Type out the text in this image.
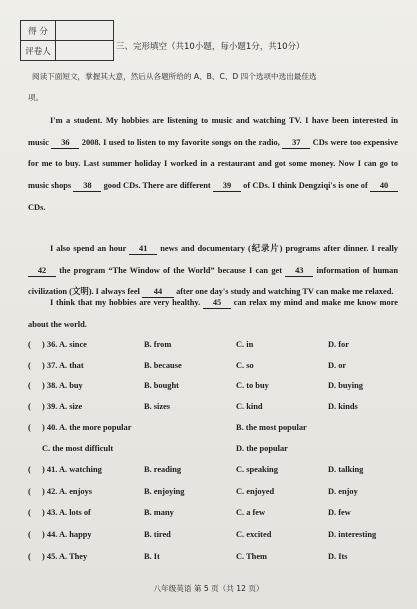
得 分	
评卷人		三、完形填空（共10小题，每小题1分，共10分）
阅读下面短文，掌握其大意，然后从各题所给的 A、B、C、D 四个选项中选出最佳选
项。
I'm a student. My hobbies are listening to music and watching TV. I have been interested in music 36 2008. I used to listen to my favorite songs on the radio, 37 CDs were too expensive for me to buy. Last summer holiday I worked in a restaurant and got some money. Now I can go to music shops 38 good CDs. There are different 39 of CDs. I think Dengziqi's is one of 40 CDs.
I also spend an hour 41 news and documentary (纪录片) programs after dinner. I really 42 the program “The Window of the World” because I can get 43 information of human civilization (文明). I always feel 44 after one day's study and watching TV can make me relaxed.
I think that my hobbies are very healthy. 45 can relax my mind and make me know more about the world.
( ) 36. A. since	B. from	C. in	D. for
( ) 37. A. that	B. because	C. so	D. or
( ) 38. A. buy	B. bought	C. to buy	D. buying
( ) 39. A. size	B. sizes	C. kind	D. kinds
( ) 40. A. the more popular	B. the most popular
C. the most difficult	D. the popular
( ) 41. A. watching	B. reading	C. speaking	D. talking
( ) 42. A. enjoys	B. enjoying	C. enjoyed	D. enjoy
( ) 43. A. lots of	B. many	C. a few	D. few
( ) 44. A. happy	B. tired	C. excited	D. interesting
( ) 45. A. They	B. It	C. Them	D. Its
八年级英语 第 5 页（共 12 页）
